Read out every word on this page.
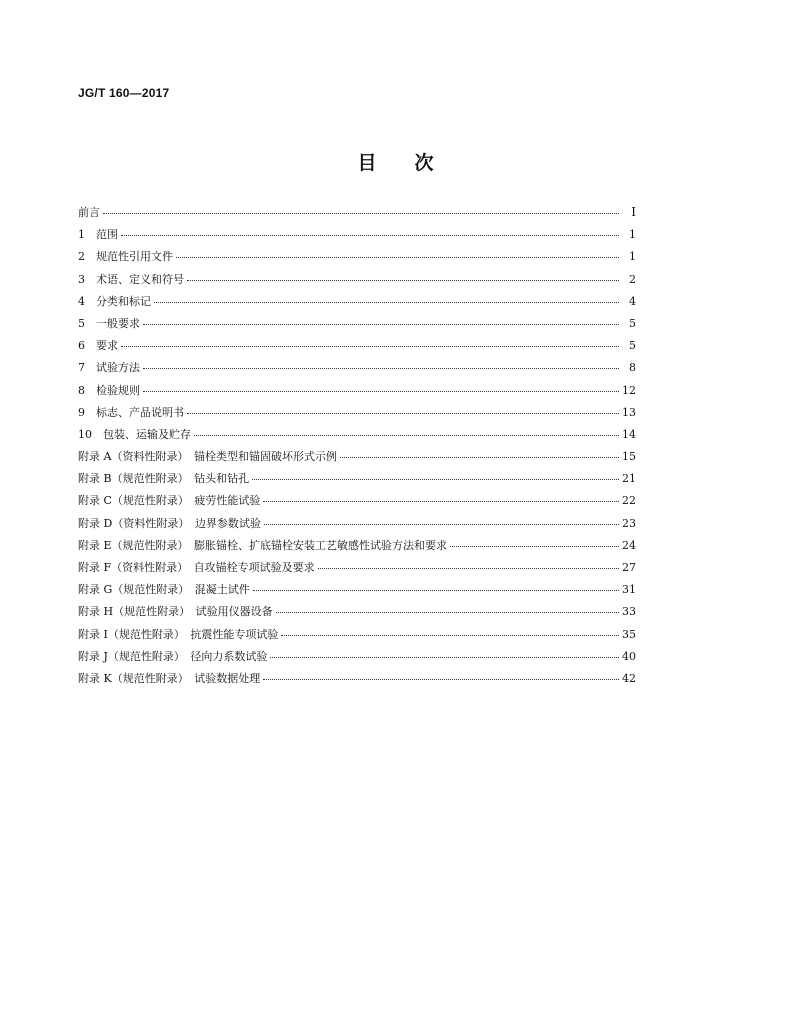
JG/T 160—2017
目　　次
前言	I
1　范围	1
2　规范性引用文件	1
3　术语、定义和符号	2
4　分类和标记	4
5　一般要求	5
6　要求	5
7　试验方法	8
8　检验规则	12
9　标志、产品说明书	13
10　包装、运输及贮存	14
附录 A（资料性附录）　锚栓类型和锚固破坏形式示例	15
附录 B（规范性附录）　钻头和钻孔	21
附录 C（规范性附录）　疲劳性能试验	22
附录 D（资料性附录）　边界参数试验	23
附录 E（规范性附录）　膨胀锚栓、扩底锚栓安装工艺敏感性试验方法和要求	24
附录 F（资料性附录）　自攻锚栓专项试验及要求	27
附录 G（规范性附录）　混凝土试件	31
附录 H（规范性附录）　试验用仪器设备	33
附录 I（规范性附录）　抗震性能专项试验	35
附录 J（规范性附录）　径向力系数试验	40
附录 K（规范性附录）　试验数据处理	42
